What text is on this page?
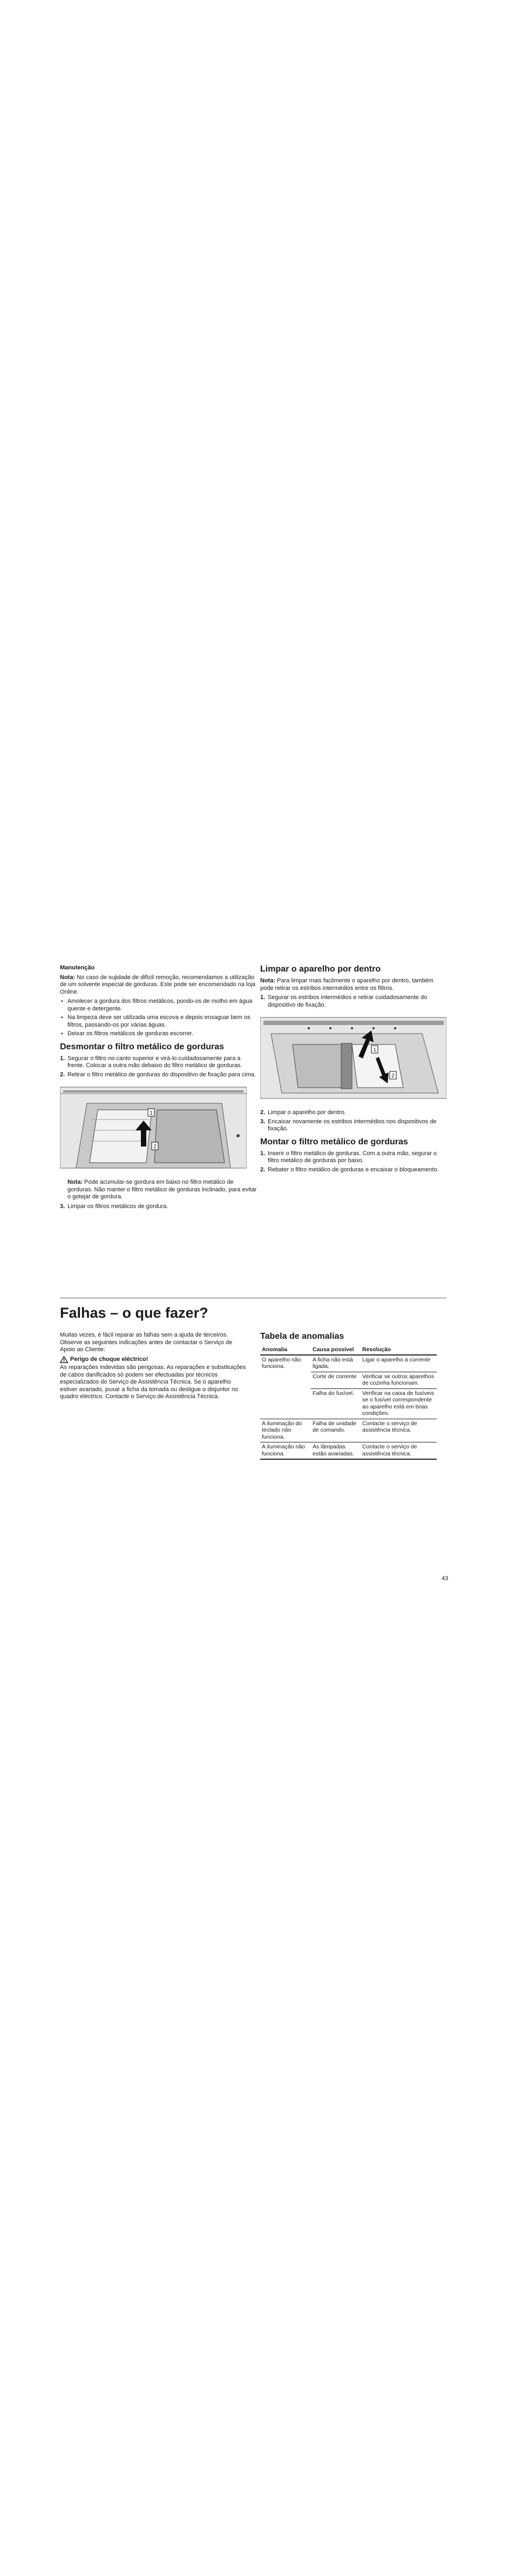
Manutenção

Nota: No caso de sujidade de difícil remoção, recomendamos a utilização de um solvente especial de gorduras. Este pode ser encomendado na loja Online.

▪ Amolecer a gordura dos filtros metálicos, pondo-os de molho em água quente e detergente.
▪ Na limpeza deve ser utilizada uma escova e depois enxaguar bem os filtros, passando-os por várias águas.
▪ Deixar os filtros metálicos de gorduras escorrer.
Desmontar o filtro metálico de gorduras
1. Segurar o filtro no canto superior e virá-lo cuidadosamente para a frente. Colocar a outra mão debaixo do filtro metálico de gorduras.
2. Retirar o filtro metálico de gorduras do dispositivo de fixação para cima.
1
2

Nota: Pode acumular-se gordura em baixo no filtro metálico de gorduras. Não manter o filtro metálico de gorduras inclinado, para evitar o gotejar de gordura.

3. Limpar os filtros metálicos de gordura.
Limpar o aparelho por dentro

Nota: Para limpar mais facilmente o aparelho por dentro, também pode retirar os estribos intermédios entre os filtros.

1. Segurar os estribos intermédios e retirar cuidadosamente do dispositivo de fixação.
1
2
2. Limpar o aparelho por dentro.
3. Encaixar novamente os estribos intermédios nos dispositivos de fixação.
Montar o filtro metálico de gorduras
1. Inserir o filtro metálico de gorduras. Com a outra mão, segurar o filtro metálico de gorduras por baixo.
2. Rebater o filtro metálico de gorduras e encaixar o bloqueamento.
Falhas – o que fazer?

Muitas vezes, é fácil reparar as falhas sem a ajuda de terceiros. Observe as seguintes indicações antes de contactar o Serviço de Apoio ao Cliente:

Perigo de choque eléctrico!

As reparações indevidas são perigosas. As reparações e substituições de cabos danificados só podem ser efectuadas por técnicos especializados do Serviço de Assistência Técnica. Se o aparelho estiver avariado, puxar a ficha da tomada ou desligue o disjuntor no quadro eléctrico. Contacte o Serviço de Assistência Técnica.

Tabela de anomalias
Anomalia	Causa possível	Resolução
O aparelho não funciona.	A ficha não está ligada.	Ligar o aparelho à corrente
	Corte de corrente	Verificar se outros aparelhos de cozinha funcionam.
	Falha do fusível.	Verificar na caixa de fusíveis se o fusível correspondente ao aparelho está em boas condições.
A iluminação do teclado não funciona.	Falha de unidade de comando.	Contacte o serviço de assistência técnica.
A iluminação não funciona.	As lâmpadas estão avariadas.	Contacte o serviço de assistência técnica.
43
